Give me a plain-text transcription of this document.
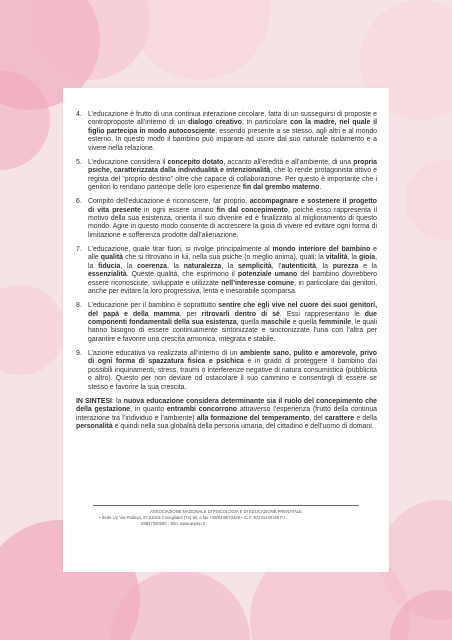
4. L’educazione è frutto di una continua interazione circolare, fatta di un susseguirsi di proposte e controproposte all’interno di un dialogo creativo, in particolare con la madre, nel quale il figlio partecipa in modo autocosciente, essendo presente a se stesso, agli altri e al mondo esterno. In questo modo il bambino può imparare ad uscire dal suo naturale isolamento e a vivere nella relazione.
5. L’educazione considera il concepito dotato, accanto all’eredità e all’ambiente, di una propria psiche, caratterizzata dalla individualità e intenzionalità, che lo rende protagonista attivo e regista del “proprio destino” oltre che capace di collaborazione. Per questo è importante che i genitori lo rendano partecipe delle loro esperienze fin dal grembo materno.
6. Compito dell’educazione è riconoscere, far proprio, accompagnare e sostenere il progetto di vita presente in ogni essere umano fin dal concepimento, poiché esso rappresenta il motivo della sua esistenza, orienta il suo divenire ed è finalizzato al miglioramento di questo mondo. Agire in questo modo consente di accrescere la gioia di vivere ed evitare ogni forma di limitazione e sofferenza prodotte dall’alienazione.
7. L’educazione, quale tirar fuori, si rivolge principalmente al mondo interiore del bambino e alle qualità che si ritrovano in lui, nella sua psiche (o meglio anima), quali: la vitalità, la gioia, la fiducia, la coerenza, la naturalezza, la semplicità, l’autenticità, la purezza e la essenzialità. Queste qualità, che esprimono il potenziale umano del bambino dovrebbero essere riconosciute, sviluppate e utilizzate nell’interesse comune, in particolare dai genitori, anche per evitare la loro progressiva, lenta e inesorabile scomparsa.
8. L’educazione per il bambino è soprattutto sentire che egli vive nel cuore dei suoi genitori, del papà e della mamma, per ritrovarli dentro di sé. Essi rappresentano le due componenti fondamentali della sua esistenza, quella maschile e quella femminile, le quali hanno bisogno di essere continuamente sintonizzate e sincronizzate l’una con l’altra per garantire e favorire una crescita armonica, integrata e stabile.
9. L’azione educativa va realizzata all’interno di un ambiente sano, pulito e amorevole, privo di ogni forma di spazzatura fisica e psichica e in grado di proteggere il bambino dai possibili inquinamenti, stress, traumi o interferenze negative di natura consumistica (pubblicità o altro). Questo per non deviare od ostacolare il suo cammino e consentirgli di essere se stesso e favorire la sua crescita.
IN SINTESI: la nuova educazione considera determinante sia il ruolo del concepimento che della gestazione, in quanto entrambi concorrono attraverso l’esperienza (frutto della continua interazione tra l’individuo e l’ambiente) alla formazione del temperamento, del carattere e della personalità e quindi nella sua globalità della persona umana, del cittadino e dell’uomo di domani.
ASSOCIAZIONE NAZIONALE DI PSICOLOGIA E DI EDUCAZIONE PRENATALE
• Sede c/o Via Padova, 37 31015 Conegliano (Tv) tel. e fax +39/0438/73429 • C. F. 97241240155 P.I.
03847320280 - Sito: www.anpep.it
